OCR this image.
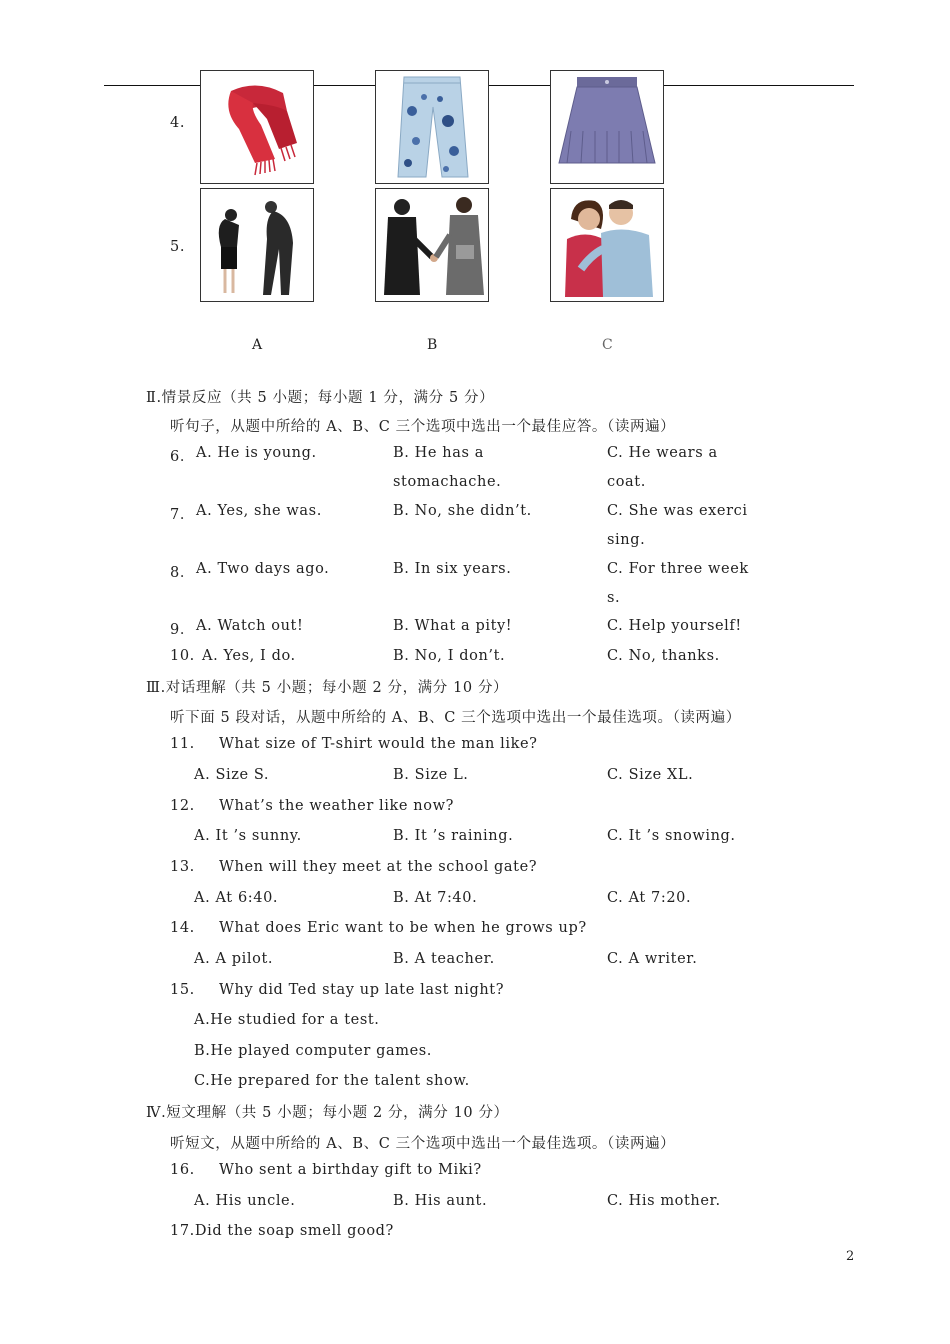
4.
5.
A	B	C
Ⅱ.情景反应（共 5 小题；每小题 1 分，满分 5 分）
听句子，从题中所给的 A、B、C 三个选项中选出一个最佳应答。（读两遍）
6． A. He is young.	B. He has a
stomachache.
C. He wears a
coat.
7． A. Yes, she was.	B. No, she didn’t.	C. She was exerci
sing.
8． A. Two days ago.	B. In six years.	C. For three week
s.
9． A. Watch out!	B. What a pity!	C. Help yourself!
10. A. Yes, I do.	B. No, I don’t.	C. No, thanks.
Ⅲ.对话理解（共 5 小题；每小题 2 分，满分 10 分）
听下面 5 段对话，从题中所给的 A、B、C 三个选项中选出一个最佳选项。（读两遍）
11. What size of T-shirt would the man like?
A. Size S.	B. Size L.	C. Size XL.
12. What’s the weather like now?
A. It ’s sunny.	B. It ’s raining.	C. It ’s snowing.
13. When will they meet at the school gate?
A. At 6:40.	B. At 7:40.	C. At 7:20.
14. What does Eric want to be when he grows up?
A. A pilot.	B. A teacher.	C. A writer.
15. Why did Ted stay up late last night?
A.He studied for a test.
B.He played computer games.
C.He prepared for the talent show.
Ⅳ.短文理解（共 5 小题；每小题 2 分，满分 10 分）
听短文，从题中所给的 A、B、C 三个选项中选出一个最佳选项。（读两遍）
16. Who sent a birthday gift to Miki?
A. His uncle.	B. His aunt.	C. His mother.
17.Did the soap smell good?
2
